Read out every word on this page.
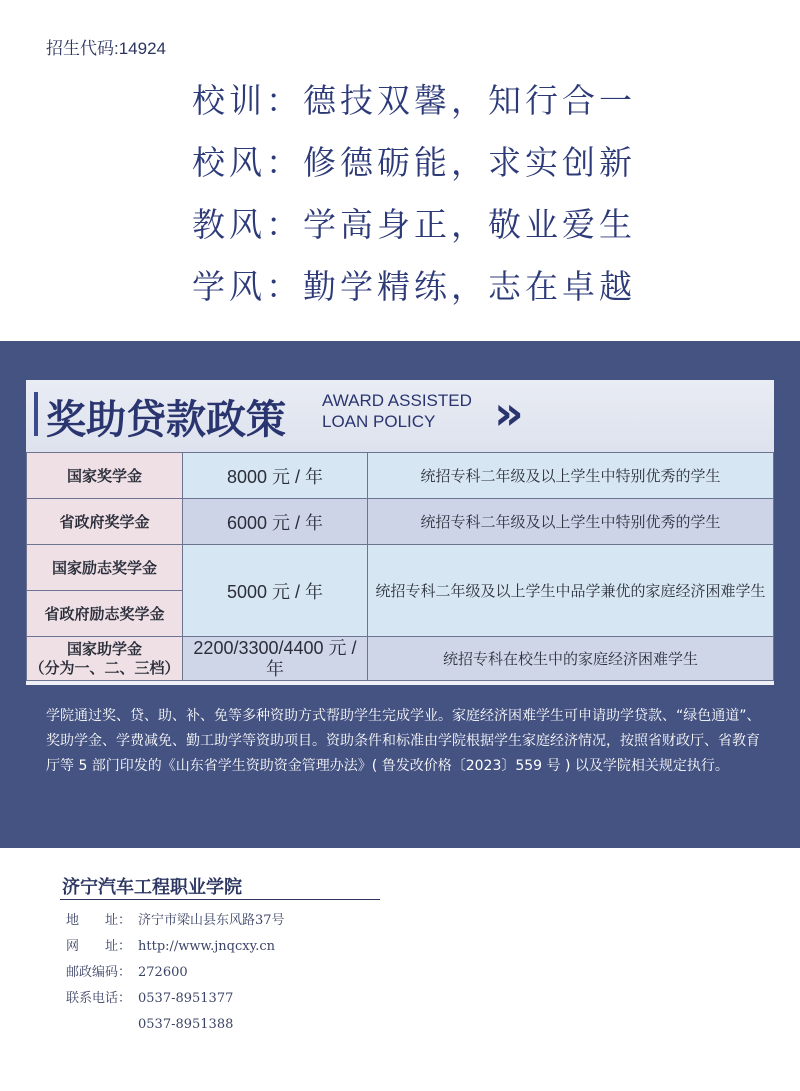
招生代码:14924
校训：德技双馨，知行合一
校风：修德砺能，求实创新
教风：学高身正，敬业爱生
学风：勤学精练，志在卓越
奖助贷款政策 AWARD ASSISTED
LOAN POLICY	»
国家奖学金	8000 元 / 年	统招专科二年级及以上学生中特别优秀的学生
省政府奖学金	6000 元 / 年	统招专科二年级及以上学生中特别优秀的学生
国家励志奖学金	5000 元 / 年	统招专科二年级及以上学生中品学兼优的家庭经济困难学生
省政府励志奖学金		

国家助学金
（分为一、二、三档）	2200/3300/4400 元 / 年	统招专科在校生中的家庭经济困难学生
学院通过奖、贷、助、补、免等多种资助方式帮助学生完成学业。家庭经济困难学生可申请助学贷款、“绿色通道”、奖助学金、学费减免、勤工助学等资助项目。资助条件和标准由学院根据学生家庭经济情况，按照省财政厅、省教育厅等 5 部门印发的《山东省学生资助资金管理办法》( 鲁发改价格〔2023〕559 号 ) 以及学院相关规定执行。
济宁汽车工程职业学院
地　　址： 济宁市梁山县东风路37号
网　　址： http://www.jnqcxy.cn
邮政编码： 272600
联系电话： 0537-8951377
0537-8951388
